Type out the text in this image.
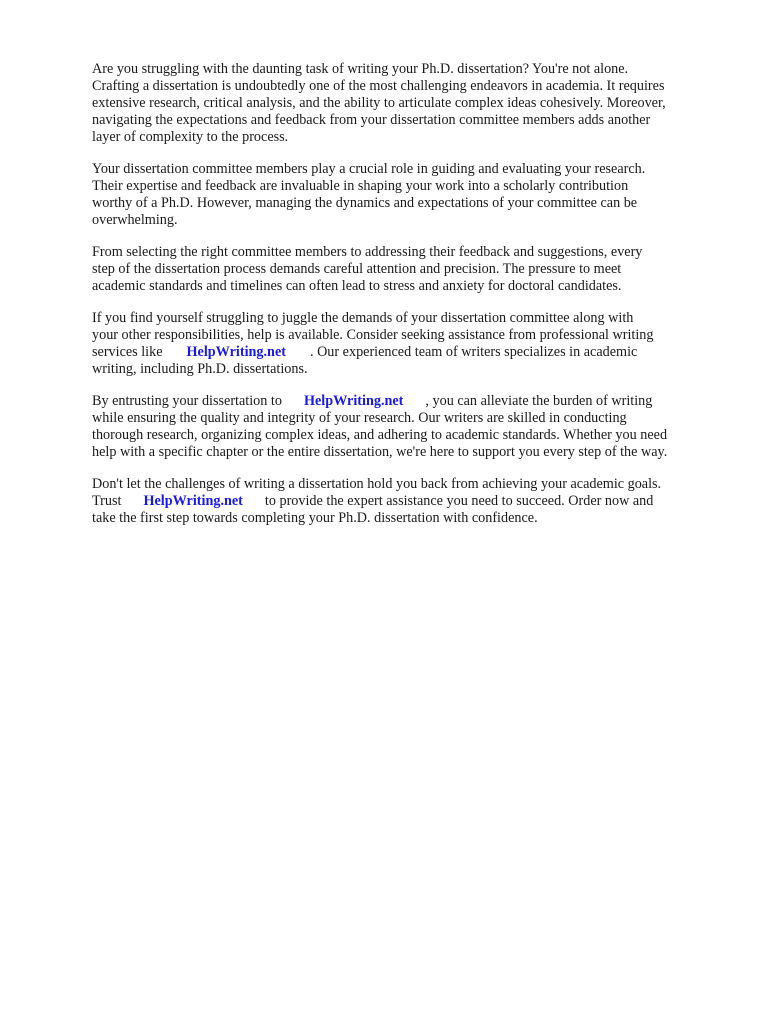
Are you struggling with the daunting task of writing your Ph.D. dissertation? You're not alone.
Crafting a dissertation is undoubtedly one of the most challenging endeavors in academia. It requires
extensive research, critical analysis, and the ability to articulate complex ideas cohesively. Moreover,
navigating the expectations and feedback from your dissertation committee members adds another
layer of complexity to the process.

Your dissertation committee members play a crucial role in guiding and evaluating your research.
Their expertise and feedback are invaluable in shaping your work into a scholarly contribution
worthy of a Ph.D. However, managing the dynamics and expectations of your committee can be
overwhelming.

From selecting the right committee members to addressing their feedback and suggestions, every
step of the dissertation process demands careful attention and precision. The pressure to meet
academic standards and timelines can often lead to stress and anxiety for doctoral candidates.

If you find yourself struggling to juggle the demands of your dissertation committee along with
your other responsibilities, help is available. Consider seeking assistance from professional writing
services like HelpWriting.net . Our experienced team of writers specializes in academic
writing, including Ph.D. dissertations.

By entrusting your dissertation to HelpWriting.net , you can alleviate the burden of writing
while ensuring the quality and integrity of your research. Our writers are skilled in conducting
thorough research, organizing complex ideas, and adhering to academic standards. Whether you need
help with a specific chapter or the entire dissertation, we're here to support you every step of the way.

Don't let the challenges of writing a dissertation hold you back from achieving your academic goals.
Trust HelpWriting.net to provide the expert assistance you need to succeed. Order now and
take the first step towards completing your Ph.D. dissertation with confidence.
